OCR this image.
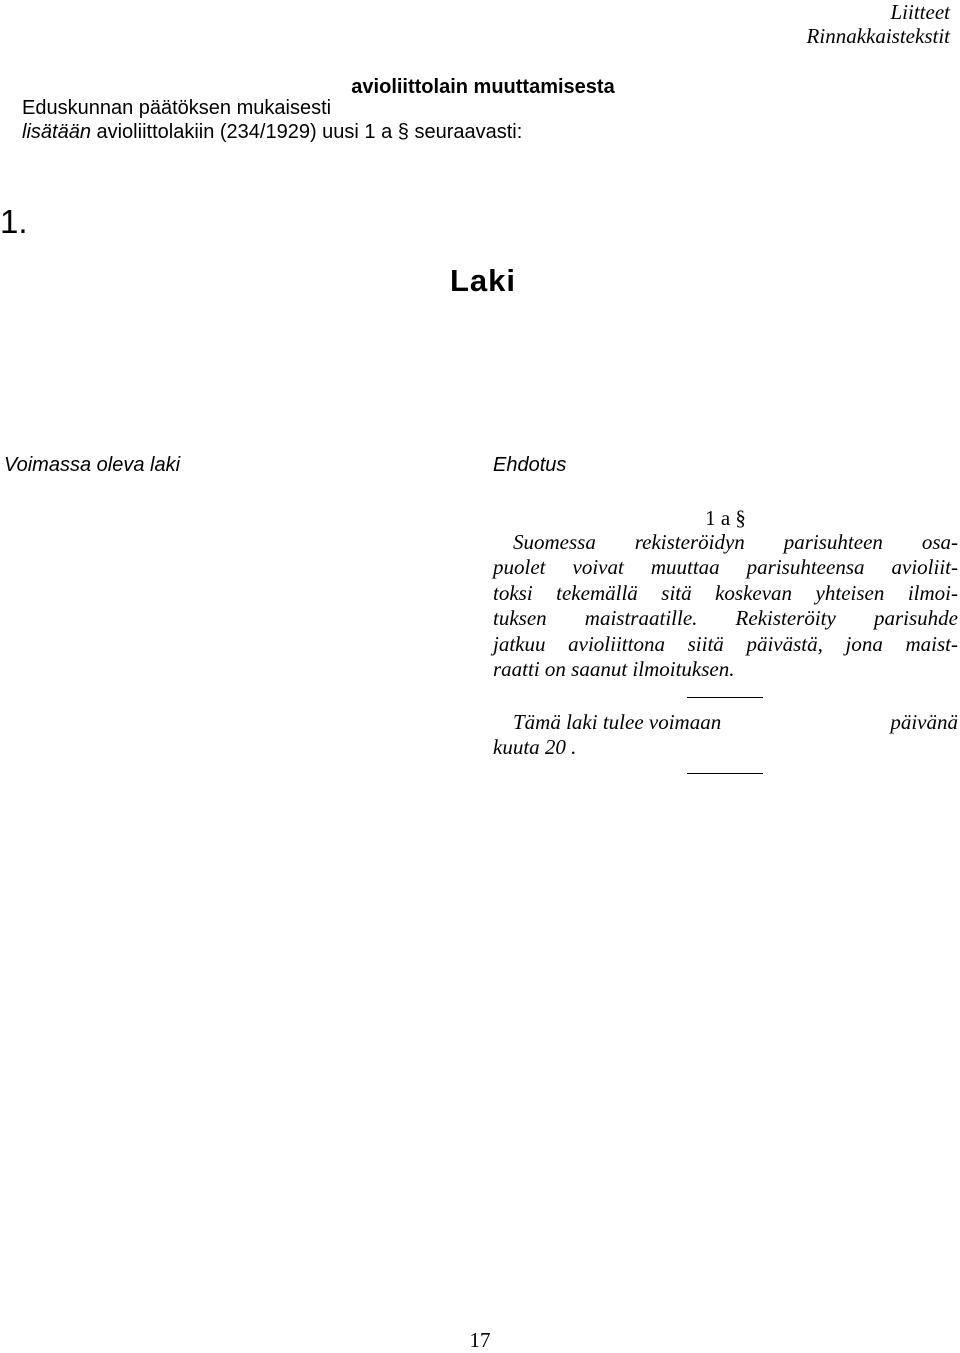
Liitteet
Rinnakkaistekstit
1.
Laki
avioliittolain muuttamisesta
Eduskunnan päätöksen mukaisesti
lisätään avioliittolakiin (234/1929) uusi 1 a § seuraavasti:
Voimassa oleva laki	Ehdotus
1 a §
Suomessa rekisteröidyn parisuhteen osa-
puolet voivat muuttaa parisuhteensa avioliit-
toksi tekemällä sitä koskevan yhteisen ilmoi-
tuksen maistraatille. Rekisteröity parisuhde
jatkuu avioliittona siitä päivästä, jona maist-
raatti on saanut ilmoituksen.
Tämä laki tulee voimaan	päivänä
kuuta 20 .
17
